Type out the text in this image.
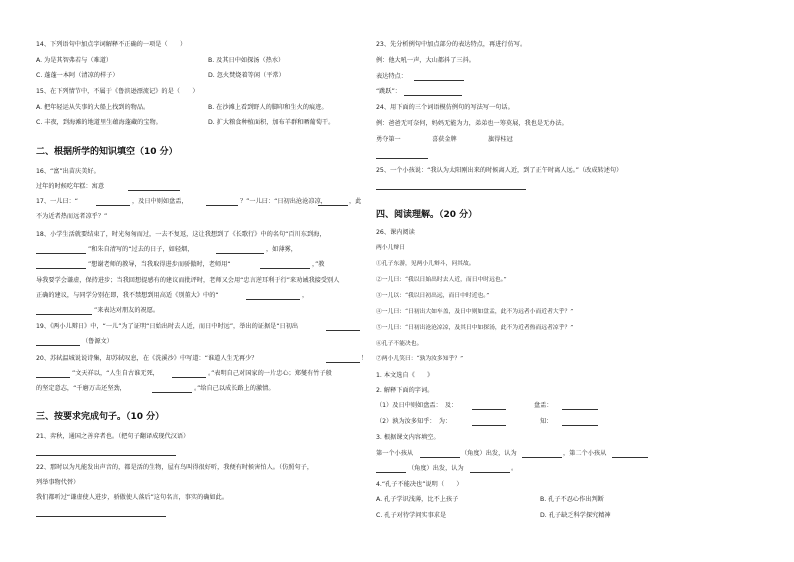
14、下列语句中加点字词解释不正确的一项是（　　）
A. 为是其智弗若与（难道）	B. 及其日中如探汤（热水）
C. 蓬蓬一本阿（清凉的样子）	D. 忽火焚烧着等闲（平常）
15、在下列情节中，不属于《鲁滨逊漂流记》的是（　　）
A. 把年轻运从失事的大船上找到的物品。	B. 在沙滩上看到野人的脚印和生火的痕迹。
C. 丰夜，到海滩的地道里生蕴海蓬藏的宝物。	D. 扩大粮食种植面积，加布羊群和晒葡萄干。
二、根据所学的知识填空（10 分）
16、“富”出苗庆美好。
过年的时候吃年糕：寓意
17、一儿曰：“	，及日中则如盘盂，	？”一儿曰：“日初出沧沧凉凉，	，此
不为近者热而远者凉乎？”
18、小学生活就要结束了，时光匆匆而过，一去不复返，这让我想到了《长歌行》中的名句“百川东到海，
”和朱自清写的“过去的日子，如轻烟，	，如薄雾，
”想谢老师的教导，当我取得进步而骄傲时，老师用“	，”教
导我要学会谦虚，保持进步；当我回想提感有的建议而批评时，老师又会用“忠言逆耳利于行”来劝诫我接受别人
正确的建议，与同学分别在即，我不禁想到用高适《别董大》中的“	，
”来表达对朋友的祝愿。
19、《两小儿辩日》中，“一儿”为了证明“日始出时去人近，而日中时远”，举出的证据是“日初出
（鲁源文）
20、苏轼温城说说诗集，却苏轼叹息，在《洗溪沙》中写道：“谁道人生无再少？	！
”文天祥以，“人生自古谁无死，	。”表明自己对国家的一片忠心；郑燮有竹子般
的坚定意志，“千磨万击还坚劲，	。”给自己以成长路上的激情。
三、按要求完成句子。（10 分）
21、弈秋，通国之善弈者也。（把句子翻译成现代汉语）
22、那时以为凡能发出声音的，都是活的生物，屋有鸟叫得很好听，我便有时候害怕人。（仿照句子，
列举事物代替）
我们都听过“谦虚使人进步，骄傲使人落后”这句名言，事实的确如此。
23、先分析例句中加点部分的表达特点，再进行仿写。
例：他大吼一声，大山都抖了三抖。
表达特点：
“跳跃”：
24、用下面的三个词语模仿例句的写法写一句话。
例：爸爸无可奈何，妈妈无能为力，弟弟也一筹莫展，我也是无办法。
勇夺第一	喜获金牌	旗得桂冠
25、一个小孩说：“我认为太阳刚出来的时候离人近，到了正午时离人远。”（改成转述句）
四、阅读理解。（20 分）
26、课内阅读
两小儿辩日
①孔子东游，见两小儿辩斗，问其故。
②一儿曰：“我以日始出时去人近，而日中时远也。”
③一儿以：“我以日初出远，而日中时近也。”
④一儿曰：“日初出大如车盖，及日中则如盘盂，此不为远者小而近者大乎？”
⑤一儿曰：“日初出沧沧凉凉，及其日中如探汤，此不为近者热而远者凉乎？”
⑥孔子不能决也。
⑦两小儿笑曰：“孰为汝多知乎？”
1. 本文选自《　　》
2. 解释下面的字词。
（1）及日中则如盘盂：　及：	盘盂：
（2）孰为汝多知乎：　为：	知：
3. 根据课文内容填空。
第一个小孩从	（角度）出发，认为	，第二个小孩从
（角度）出发，认为	。
4.“孔子不能决也”说明（　　）
A. 孔子学识浅薄，比不上孩子	B. 孔子不忍心作出判断
C. 孔子对待学问实事求是	D. 孔子缺乏科学探究精神
